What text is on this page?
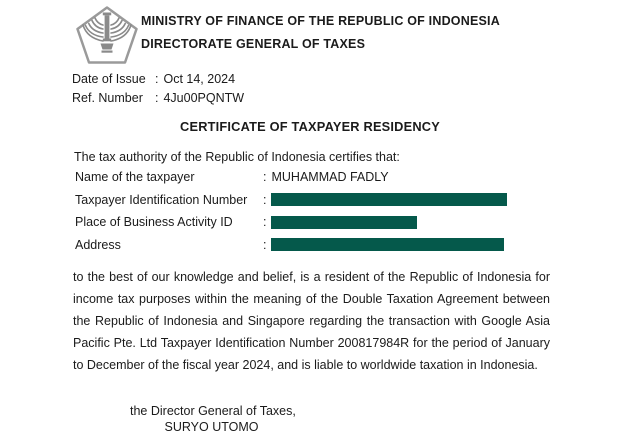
MINISTRY OF FINANCE OF THE REPUBLIC OF INDONESIA
DIRECTORATE GENERAL OF TAXES
Date of Issue : Oct 14, 2024
Ref. Number : 4Ju00PQNTW
CERTIFICATE OF TAXPAYER RESIDENCY
The tax authority of the Republic of Indonesia certifies that:
Name of the taxpayer	: MUHAMMAD FADLY
Taxpayer Identification Number :
Place of Business Activity ID :
Address	:
to the best of our knowledge and belief, is a resident of the Republic of Indonesia for income tax purposes within the meaning of the Double Taxation Agreement between the Republic of Indonesia and Singapore regarding the transaction with Google Asia Pacific Pte. Ltd Taxpayer Identification Number 200817984R for the period of January to December of the fiscal year 2024, and is liable to worldwide taxation in Indonesia.
the Director General of Taxes,
SURYO UTOMO
